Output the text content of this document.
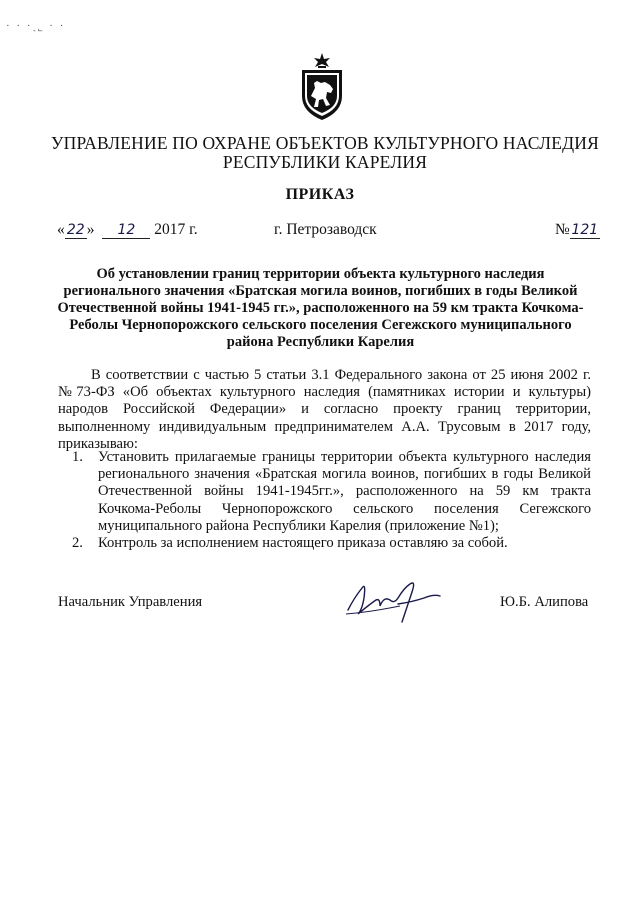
· · ·ˎ˾ · ·
УПРАВЛЕНИЕ ПО ОХРАНЕ ОБЪЕКТОВ КУЛЬТУРНОГО НАСЛЕДИЯ
РЕСПУБЛИКИ КАРЕЛИЯ
ПРИКАЗ
« 22 » 12 2017 г.	г. Петрозаводск	№ 121
Об установлении границ территории объекта культурного наследия регионального значения «Братская могила воинов, погибших в годы Великой Отечественной войны 1941-1945 гг.», расположенного на 59 км тракта Кочкома-Реболы Чернопорожского сельского поселения Сегежского муниципального района Республики Карелия
В соответствии с частью 5 статьи 3.1 Федерального закона от 25 июня 2002 г. №73-ФЗ «Об объектах культурного наследия (памятниках истории и культуры) народов Российской Федерации» и согласно проекту границ территории, выполненному индивидуальным предпринимателем А.А. Трусовым в 2017 году, приказываю:
1.	Установить прилагаемые границы территории объекта культурного наследия регионального значения «Братская могила воинов, погибших в годы Великой Отечественной войны 1941-1945гг.», расположенного на 59 км тракта Кочкома-Реболы Чернопорожского сельского поселения Сегежского муниципального района Республики Карелия (приложение №1);
2.	Контроль за исполнением настоящего приказа оставляю за собой.
Начальник Управления	Ю.Б. Алипова
